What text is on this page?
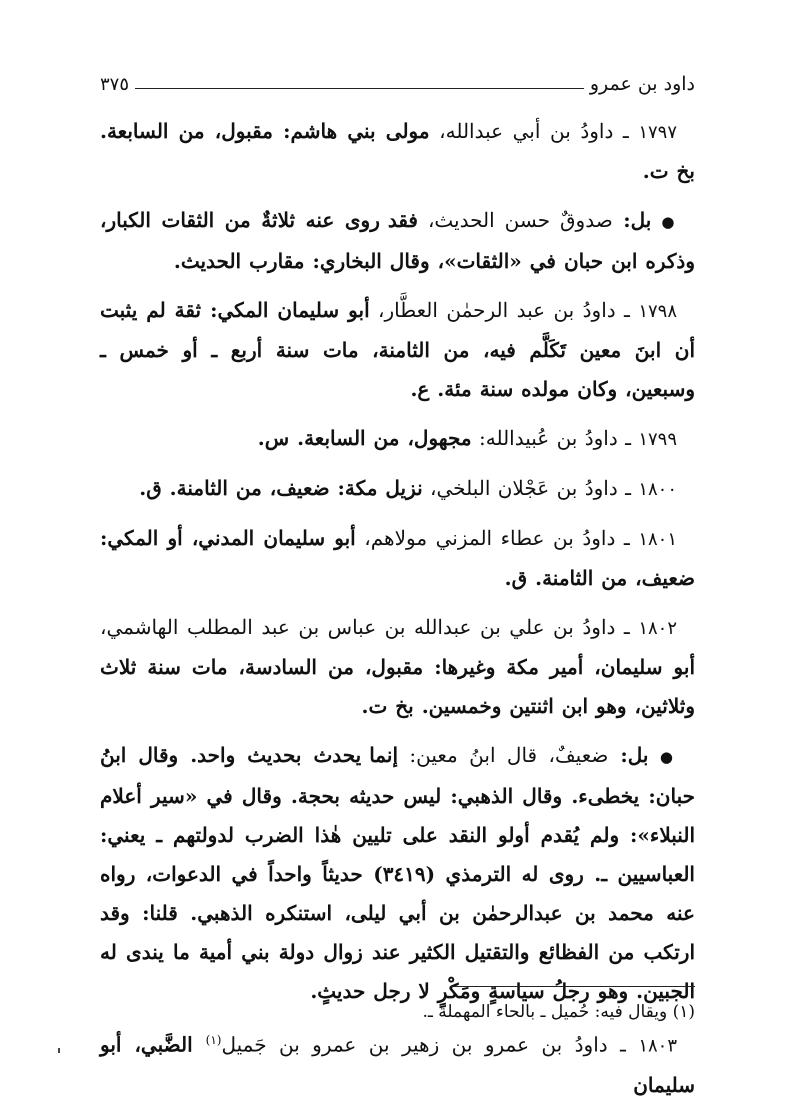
داود بن عمرو
٣٧٥

١٧٩٧ ـ داودُ بن أبي عبدالله، مولى بني هاشم: مقبول، من السابعة. بخ ت.

● بل: صدوقٌ حسن الحديث، فقد روى عنه ثلاثةٌ من الثقات الكبار، وذكره ابن حبان في «الثقات»، وقال البخاري: مقارب الحديث.

١٧٩٨ ـ داودُ بن عبد الرحمٰن العطَّار، أبو سليمان المكي: ثقة لم يثبت أن ابنَ معين تَكَلَّم فيه، من الثامنة، مات سنة أربع ـ أو خمس ـ وسبعين، وكان مولده سنة مئة. ع.

١٧٩٩ ـ داودُ بن عُبيدالله: مجهول، من السابعة. س.

١٨٠٠ ـ داودُ بن عَجْلان البلخي، نزيل مكة: ضعيف، من الثامنة. ق.

١٨٠١ ـ داودُ بن عطاء المزني مولاهم، أبو سليمان المدني، أو المكي: ضعيف، من الثامنة. ق.

١٨٠٢ ـ داودُ بن علي بن عبدالله بن عباس بن عبد المطلب الهاشمي، أبو سليمان، أمير مكة وغيرها: مقبول، من السادسة، مات سنة ثلاث وثلاثين، وهو ابن اثنتين وخمسين. بخ ت.

● بل: ضعيفٌ، قال ابنُ معين: إنما يحدث بحديث واحد. وقال ابنُ حبان: يخطىء. وقال الذهبي: ليس حديثه بحجة. وقال في «سير أعلام النبلاء»: ولم يُقدم أولو النقد على تليين هٰذا الضرب لدولتهم ـ يعني: العباسيين ـ. روى له الترمذي (٣٤١٩) حديثاً واحداً في الدعوات، رواه عنه محمد بن عبدالرحمٰن بن أبي ليلى، استنكره الذهبي. قلنا: وقد ارتكب من الفظائع والتقتيل الكثير عند زوال دولة بني أمية ما يندى له الجبين. وهو رجلُ سياسةٍ ومَكْرٍ لا رجل حديثٍ.

١٨٠٣ ـ داودُ بن عمرو بن زهير بن عمرو بن جَميل$^{(١)}$ الضَّبي، أبو سليمان

(١) ويقال فيه: حُميل ـ بالحاء المهملة ـ.
